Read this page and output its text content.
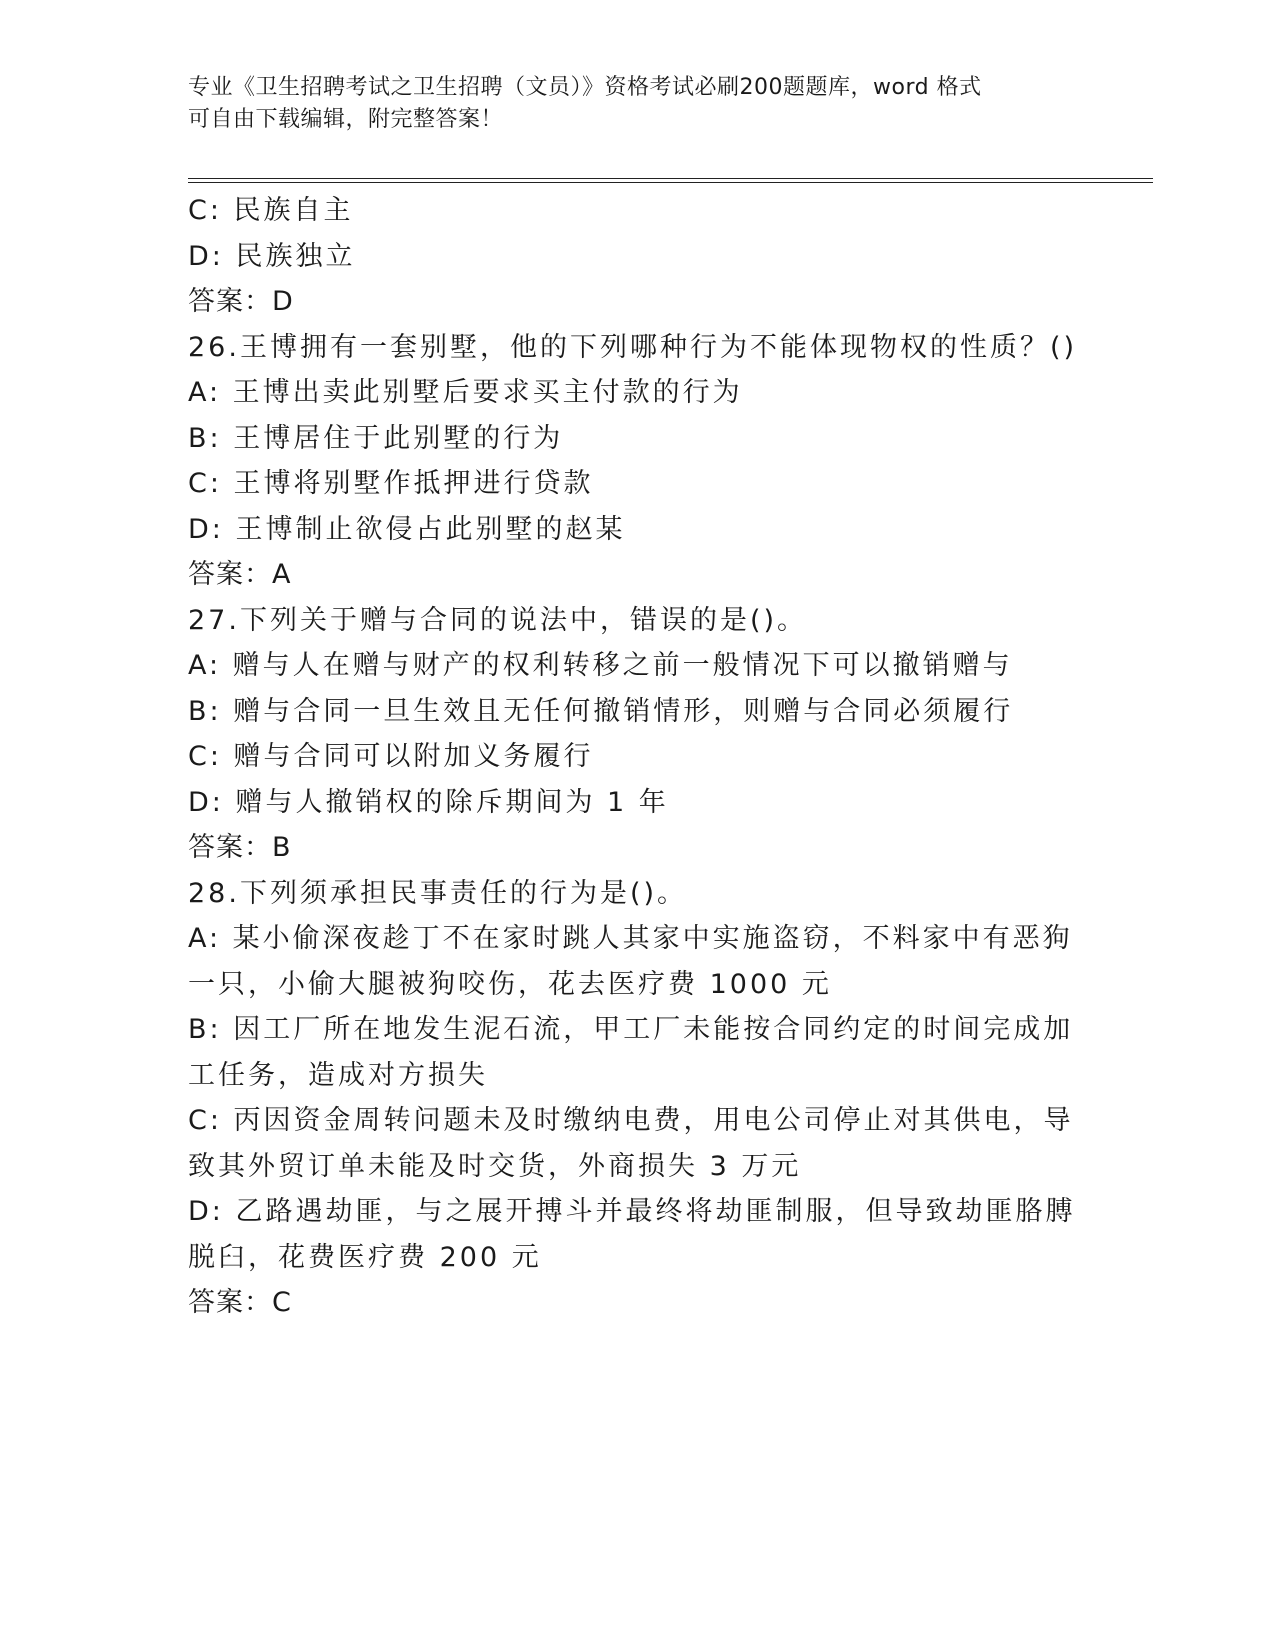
专业《卫生招聘考试之卫生招聘（文员）》资格考试必刷200题题库，word 格式
可自由下载编辑，附完整答案！
C: 民族自主
D: 民族独立
答案：D
26.王博拥有一套别墅，他的下列哪种行为不能体现物权的性质？()
A: 王博出卖此别墅后要求买主付款的行为
B: 王博居住于此别墅的行为
C: 王博将别墅作抵押进行贷款
D: 王博制止欲侵占此别墅的赵某
答案：A
27.下列关于赠与合同的说法中，错误的是()。
A: 赠与人在赠与财产的权利转移之前一般情况下可以撤销赠与
B: 赠与合同一旦生效且无任何撤销情形，则赠与合同必须履行
C: 赠与合同可以附加义务履行
D: 赠与人撤销权的除斥期间为 1 年
答案：B
28.下列须承担民事责任的行为是()。
A: 某小偷深夜趁丁不在家时跳人其家中实施盗窃，不料家中有恶狗一只，小偷大腿被狗咬伤，花去医疗费 1000 元
B: 因工厂所在地发生泥石流，甲工厂未能按合同约定的时间完成加工任务，造成对方损失
C: 丙因资金周转问题未及时缴纳电费，用电公司停止对其供电，导致其外贸订单未能及时交货，外商损失 3 万元
D: 乙路遇劫匪，与之展开搏斗并最终将劫匪制服，但导致劫匪胳膊脱臼，花费医疗费 200 元
答案：C
